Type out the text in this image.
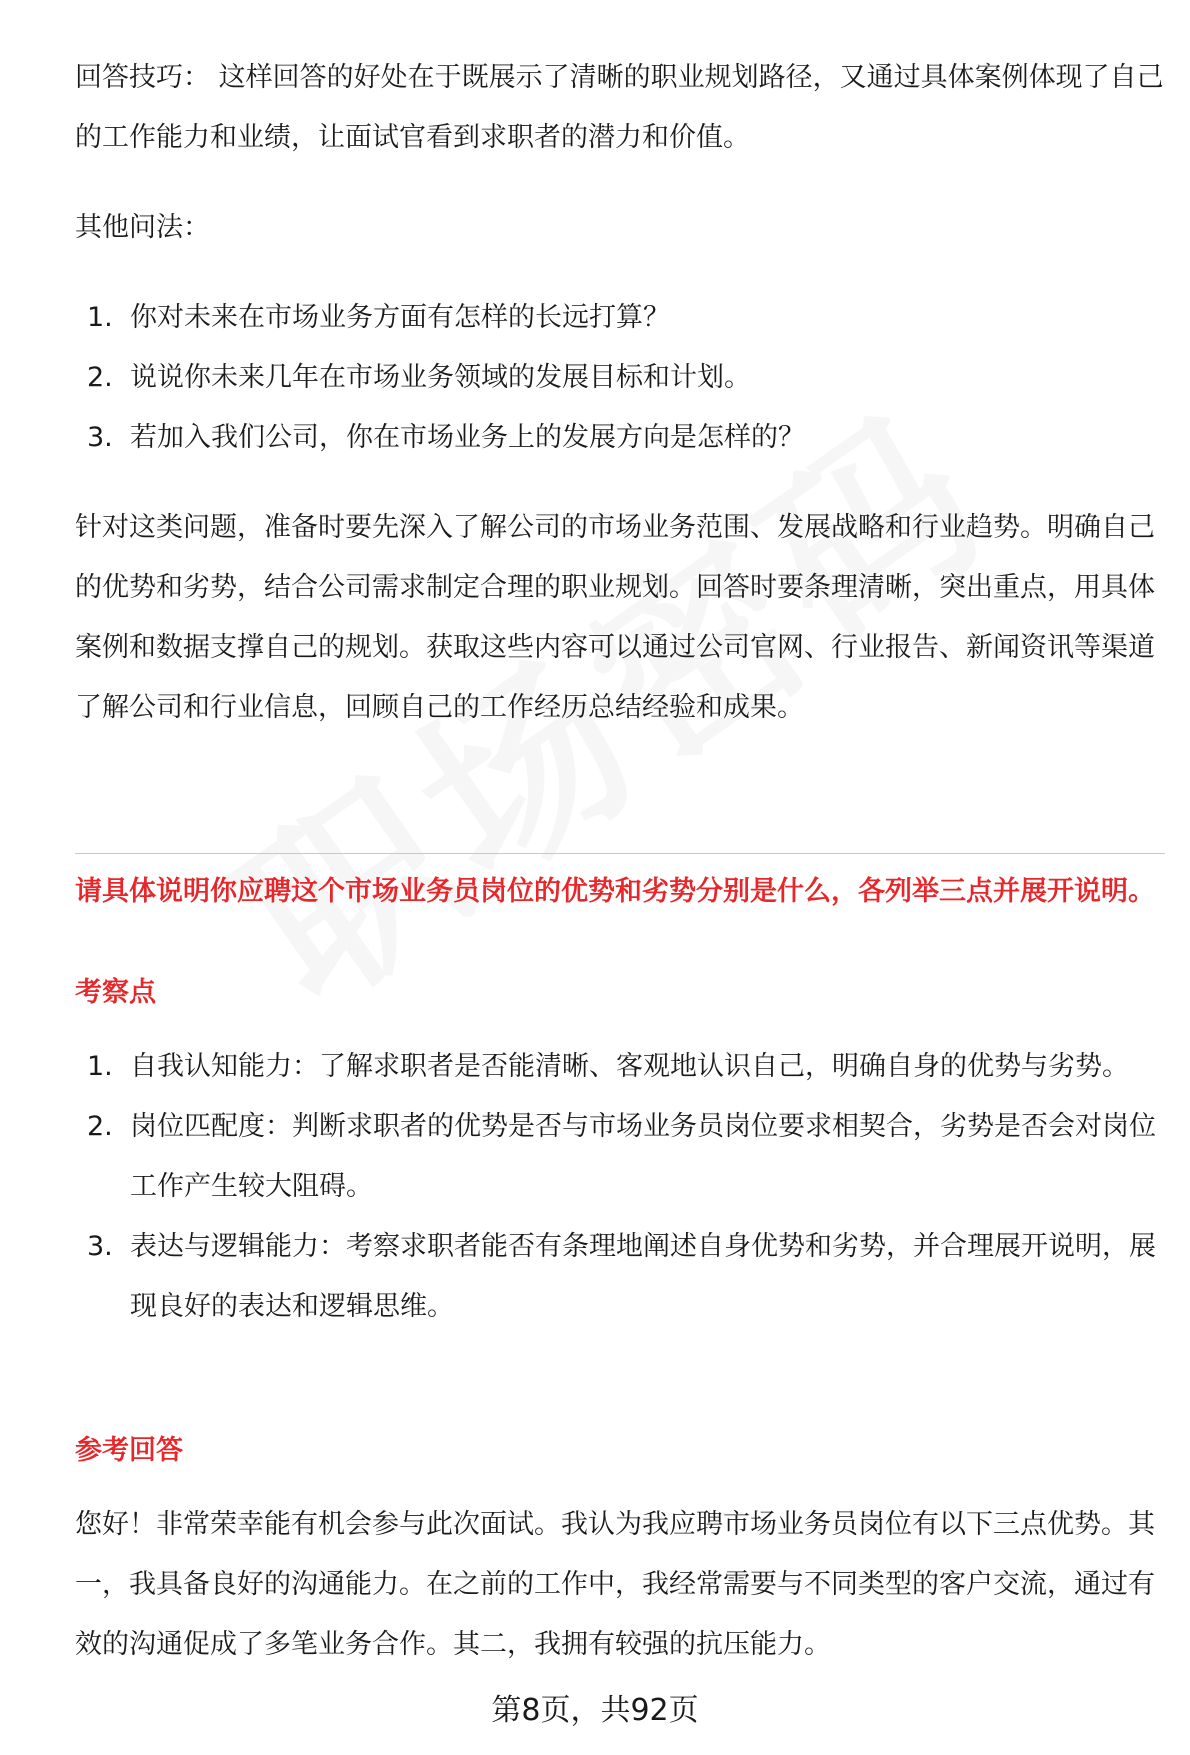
回答技巧： 这样回答的好处在于既展示了清晰的职业规划路径，又通过具体案例体现了自己的工作能力和业绩，让面试官看到求职者的潜力和价值。

其他问法：

1. 你对未来在市场业务方面有怎样的长远打算？
2. 说说你未来几年在市场业务领域的发展目标和计划。
3. 若加入我们公司，你在市场业务上的发展方向是怎样的？

针对这类问题，准备时要先深入了解公司的市场业务范围、发展战略和行业趋势。明确自己的优势和劣势，结合公司需求制定合理的职业规划。回答时要条理清晰，突出重点，用具体案例和数据支撑自己的规划。获取这些内容可以通过公司官网、行业报告、新闻资讯等渠道了解公司和行业信息，回顾自己的工作经历总结经验和成果。

请具体说明你应聘这个市场业务员岗位的优势和劣势分别是什么，各列举三点并展开说明。

考察点

1. 自我认知能力：了解求职者是否能清晰、客观地认识自己，明确自身的优势与劣势。
2. 岗位匹配度：判断求职者的优势是否与市场业务员岗位要求相契合，劣势是否会对岗位工作产生较大阻碍。
3. 表达与逻辑能力：考察求职者能否有条理地阐述自身优势和劣势，并合理展开说明，展现良好的表达和逻辑思维。

参考回答

您好！非常荣幸能有机会参与此次面试。我认为我应聘市场业务员岗位有以下三点优势。其一，我具备良好的沟通能力。在之前的工作中，我经常需要与不同类型的客户交流，通过有效的沟通促成了多笔业务合作。其二，我拥有较强的抗压能力。

第8页，共92页
